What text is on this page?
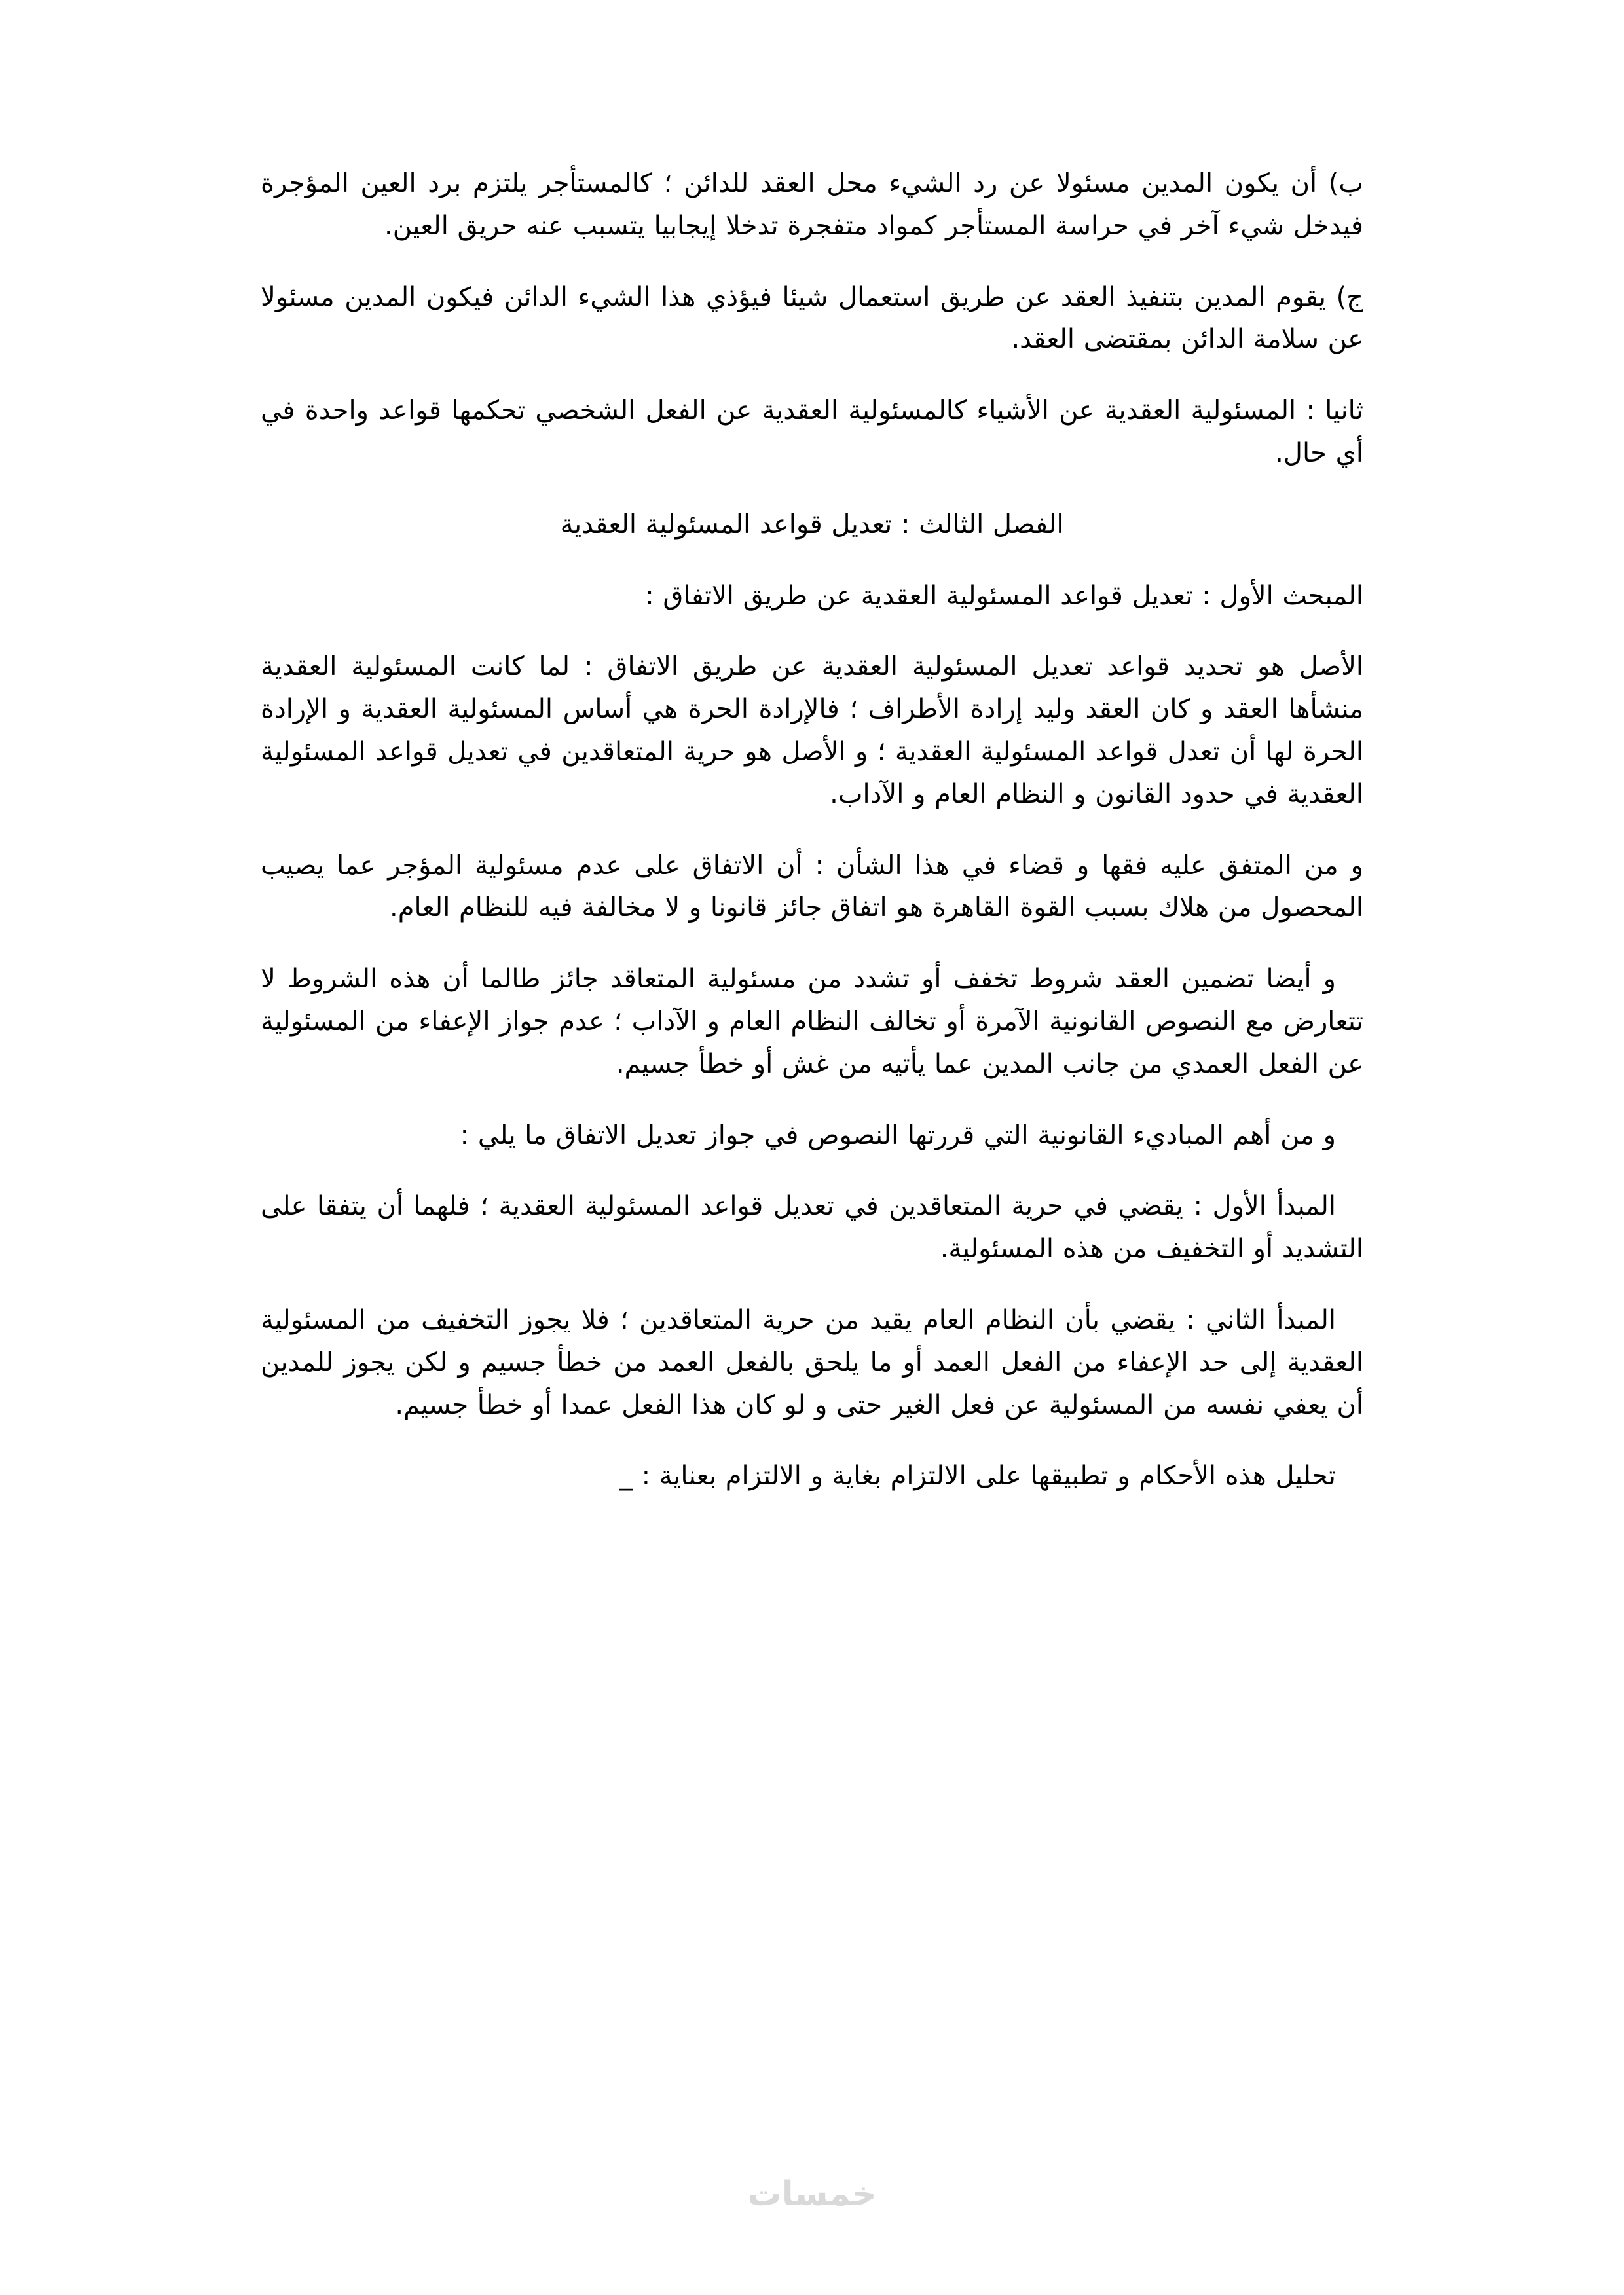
ب) أن يكون المدين مسئولا عن رد الشيء محل العقد للدائن ؛ كالمستأجر يلتزم برد العين المؤجرة فيدخل شيء آخر في حراسة المستأجر كمواد متفجرة تدخلا إيجابيا يتسبب عنه حريق العين.

ج) يقوم المدين بتنفيذ العقد عن طريق استعمال شيئا فيؤذي هذا الشيء الدائن فيكون المدين مسئولا عن سلامة الدائن بمقتضى العقد.

ثانيا : المسئولية العقدية عن الأشياء كالمسئولية العقدية عن الفعل الشخصي تحكمها قواعد واحدة في أي حال.

الفصل الثالث : تعديل قواعد المسئولية العقدية

المبحث الأول : تعديل قواعد المسئولية العقدية عن طريق الاتفاق :

الأصل هو تحديد قواعد تعديل المسئولية العقدية عن طريق الاتفاق : لما كانت المسئولية العقدية منشأها العقد و كان العقد وليد إرادة الأطراف ؛ فالإرادة الحرة هي أساس المسئولية العقدية و الإرادة الحرة لها أن تعدل قواعد المسئولية العقدية ؛ و الأصل هو حرية المتعاقدين في تعديل قواعد المسئولية العقدية في حدود القانون و النظام العام و الآداب.

و من المتفق عليه فقها و قضاء في هذا الشأن : أن الاتفاق على عدم مسئولية المؤجر عما يصيب المحصول من هلاك بسبب القوة القاهرة هو اتفاق جائز قانونا و لا مخالفة فيه للنظام العام.

و أيضا تضمين العقد شروط تخفف أو تشدد من مسئولية المتعاقد جائز طالما أن هذه الشروط لا تتعارض مع النصوص القانونية الآمرة أو تخالف النظام العام و الآداب ؛ عدم جواز الإعفاء من المسئولية عن الفعل العمدي من جانب المدين عما يأتيه من غش أو خطأ جسيم.

و من أهم المباديء القانونية التي قررتها النصوص في جواز تعديل الاتفاق ما يلي :

المبدأ الأول : يقضي في حرية المتعاقدين في تعديل قواعد المسئولية العقدية ؛ فلهما أن يتفقا على التشديد أو التخفيف من هذه المسئولية.

المبدأ الثاني : يقضي بأن النظام العام يقيد من حرية المتعاقدين ؛ فلا يجوز التخفيف من المسئولية العقدية إلى حد الإعفاء من الفعل العمد أو ما يلحق بالفعل العمد من خطأ جسيم و لكن يجوز للمدين أن يعفي نفسه من المسئولية عن فعل الغير حتى و لو كان هذا الفعل عمدا أو خطأ جسيم.

تحليل هذه الأحكام و تطبيقها على الالتزام بغاية و الالتزام بعناية : _

خمسات
